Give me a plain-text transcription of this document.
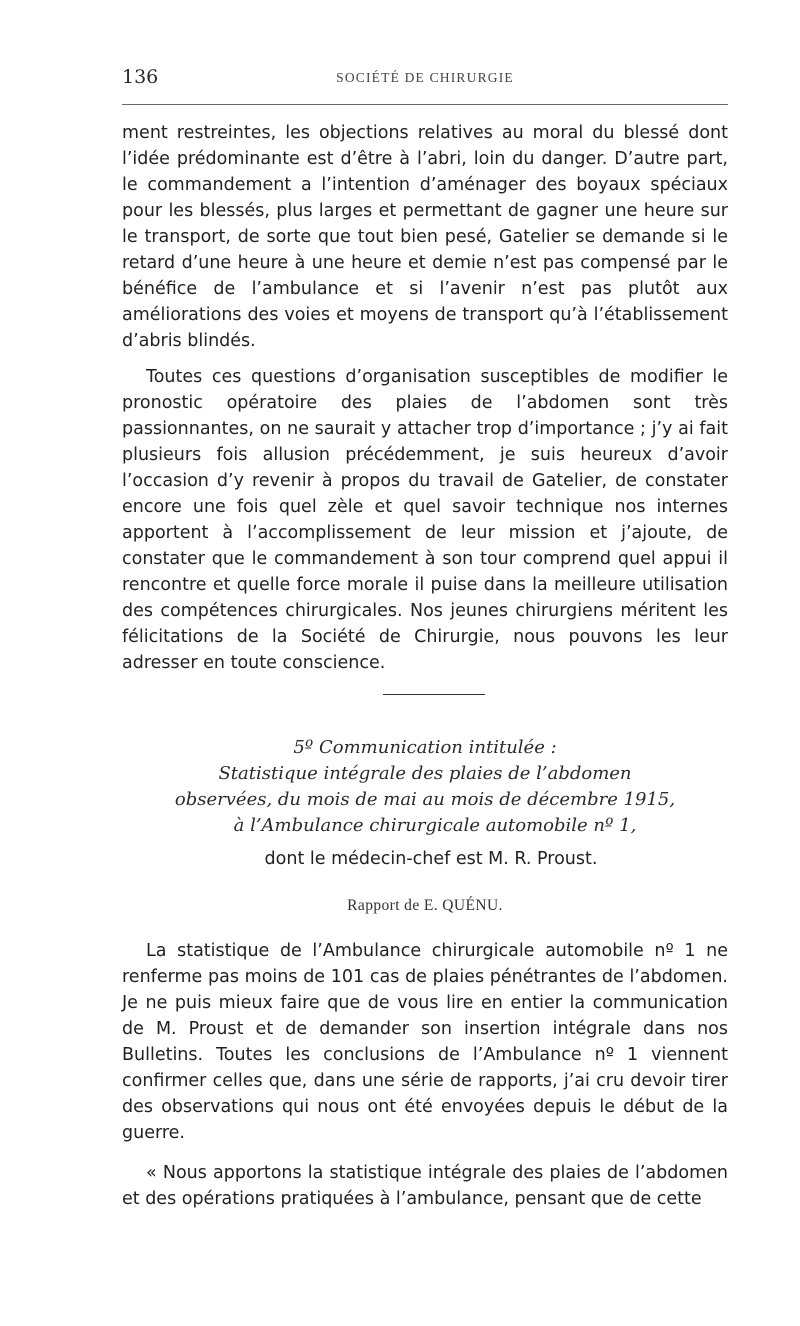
136	SOCIÉTÉ DE CHIRURGIE

ment restreintes, les objections relatives au moral du blessé dont l’idée prédominante est d’être à l’abri, loin du danger. D’autre part, le commandement a l’intention d’aménager des boyaux spéciaux pour les blessés, plus larges et permettant de gagner une heure sur le transport, de sorte que tout bien pesé, Gatelier se demande si le retard d’une heure à une heure et demie n’est pas compensé par le bénéfice de l’ambulance et si l’avenir n’est pas plutôt aux améliorations des voies et moyens de transport qu’à l’établissement d’abris blindés.

Toutes ces questions d’organisation susceptibles de modifier le pronostic opératoire des plaies de l’abdomen sont très passionnantes, on ne saurait y attacher trop d’importance ; j’y ai fait plusieurs fois allusion précédemment, je suis heureux d’avoir l’occasion d’y revenir à propos du travail de Gatelier, de constater encore une fois quel zèle et quel savoir technique nos internes apportent à l’accomplissement de leur mission et j’ajoute, de constater que le commandement à son tour comprend quel appui il rencontre et quelle force morale il puise dans la meilleure utilisation des compétences chirurgicales. Nos jeunes chirurgiens méritent les félicitations de la Société de Chirurgie, nous pouvons les leur adresser en toute conscience.

5º Communication intitulée :
Statistique intégrale des plaies de l’abdomen
observées, du mois de mai au mois de décembre 1915,
à l’Ambulance chirurgicale automobile nº 1,
dont le médecin-chef est M. R. Proust.
Rapport de E. QUÉNU.

La statistique de l’Ambulance chirurgicale automobile nº 1 ne renferme pas moins de 101 cas de plaies pénétrantes de l’abdomen. Je ne puis mieux faire que de vous lire en entier la communication de M. Proust et de demander son insertion intégrale dans nos Bulletins. Toutes les conclusions de l’Ambulance nº 1 viennent confirmer celles que, dans une série de rapports, j’ai cru devoir tirer des observations qui nous ont été envoyées depuis le début de la guerre.

« Nous apportons la statistique intégrale des plaies de l’abdomen et des opérations pratiquées à l’ambulance, pensant que de cette
